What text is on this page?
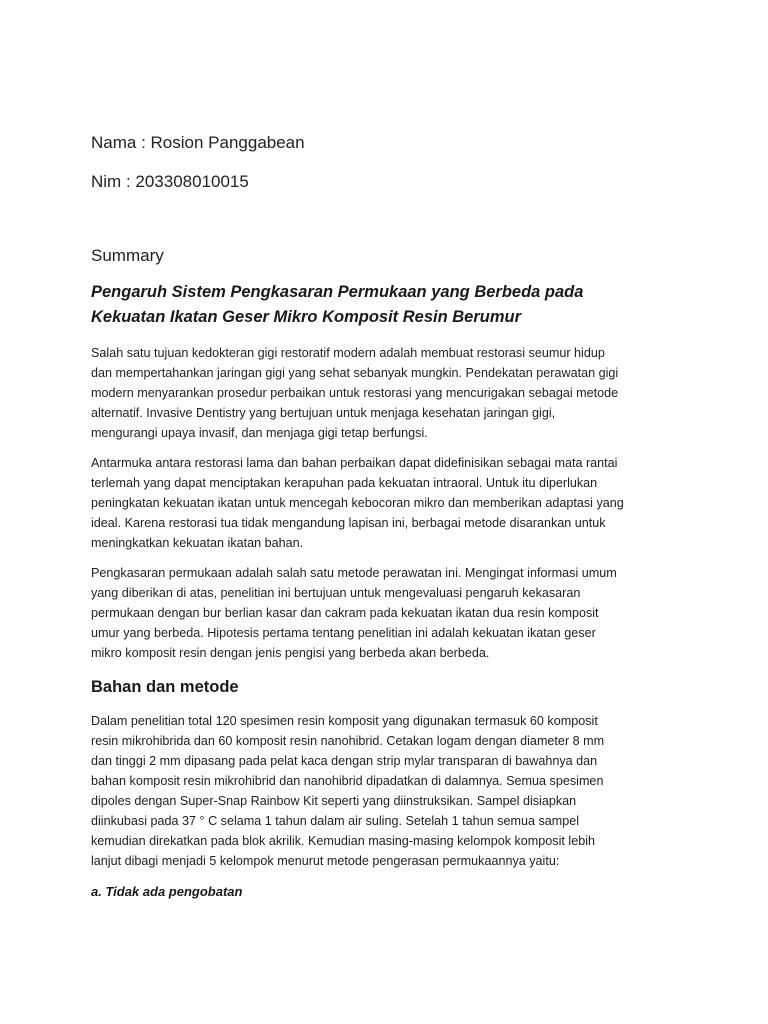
Nama : Rosion Panggabean
Nim : 203308010015
Summary
Pengaruh Sistem Pengkasaran Permukaan yang Berbeda pada
Kekuatan Ikatan Geser Mikro Komposit Resin Berumur
Salah satu tujuan kedokteran gigi restoratif modern adalah membuat restorasi seumur hidup
dan mempertahankan jaringan gigi yang sehat sebanyak mungkin. Pendekatan perawatan gigi
modern menyarankan prosedur perbaikan untuk restorasi yang mencurigakan sebagai metode
alternatif. Invasive Dentistry yang bertujuan untuk menjaga kesehatan jaringan gigi,
mengurangi upaya invasif, dan menjaga gigi tetap berfungsi.
Antarmuka antara restorasi lama dan bahan perbaikan dapat didefinisikan sebagai mata rantai
terlemah yang dapat menciptakan kerapuhan pada kekuatan intraoral. Untuk itu diperlukan
peningkatan kekuatan ikatan untuk mencegah kebocoran mikro dan memberikan adaptasi yang
ideal. Karena restorasi tua tidak mengandung lapisan ini, berbagai metode disarankan untuk
meningkatkan kekuatan ikatan bahan.
Pengkasaran permukaan adalah salah satu metode perawatan ini. Mengingat informasi umum
yang diberikan di atas, penelitian ini bertujuan untuk mengevaluasi pengaruh kekasaran
permukaan dengan bur berlian kasar dan cakram pada kekuatan ikatan dua resin komposit
umur yang berbeda. Hipotesis pertama tentang penelitian ini adalah kekuatan ikatan geser
mikro komposit resin dengan jenis pengisi yang berbeda akan berbeda.
Bahan dan metode
Dalam penelitian total 120 spesimen resin komposit yang digunakan termasuk 60 komposit
resin mikrohibrida dan 60 komposit resin nanohibrid. Cetakan logam dengan diameter 8 mm
dan tinggi 2 mm dipasang pada pelat kaca dengan strip mylar transparan di bawahnya dan
bahan komposit resin mikrohibrid dan nanohibrid dipadatkan di dalamnya. Semua spesimen
dipoles dengan Super-Snap Rainbow Kit seperti yang diinstruksikan. Sampel disiapkan
diinkubasi pada 37 ° C selama 1 tahun dalam air suling. Setelah 1 tahun semua sampel
kemudian direkatkan pada blok akrilik. Kemudian masing-masing kelompok komposit lebih
lanjut dibagi menjadi 5 kelompok menurut metode pengerasan permukaannya yaitu:
a. Tidak ada pengobatan
